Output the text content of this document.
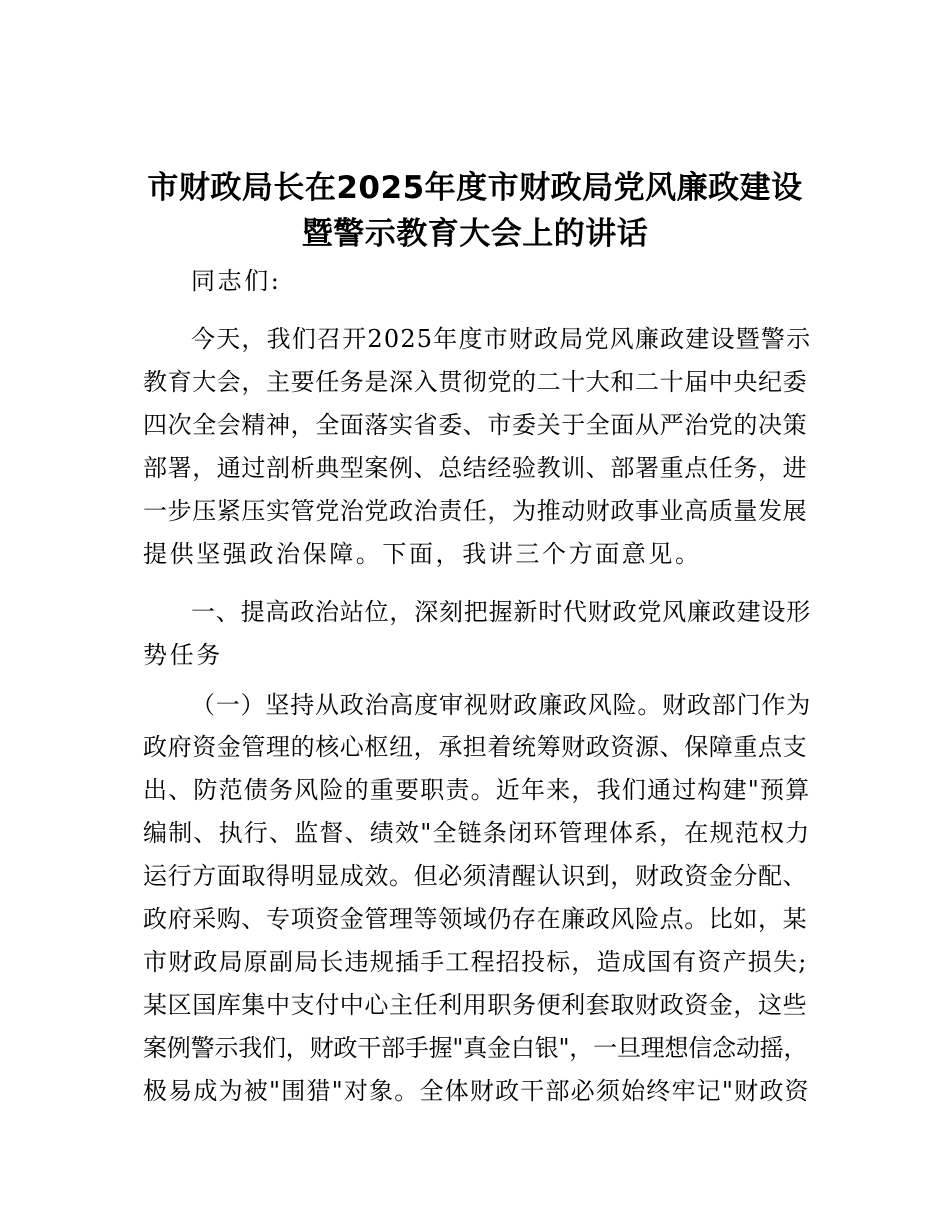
市财政局长在2025年度市财政局党风廉政建设
暨警示教育大会上的讲话
同志们:
今天，我们召开2025年度市财政局党风廉政建设暨警示
教育大会，主要任务是深入贯彻党的二十大和二十届中央纪委
四次全会精神，全面落实省委、市委关于全面从严治党的决策
部署，通过剖析典型案例、总结经验教训、部署重点任务，进
一步压紧压实管党治党政治责任，为推动财政事业高质量发展
提供坚强政治保障。下面，我讲三个方面意见。
一、提高政治站位，深刻把握新时代财政党风廉政建设形
势任务
（一）坚持从政治高度审视财政廉政风险。财政部门作为
政府资金管理的核心枢纽，承担着统筹财政资源、保障重点支
出、防范债务风险的重要职责。近年来，我们通过构建"预算
编制、执行、监督、绩效"全链条闭环管理体系，在规范权力
运行方面取得明显成效。但必须清醒认识到，财政资金分配、
政府采购、专项资金管理等领域仍存在廉政风险点。比如，某
市财政局原副局长违规插手工程招投标，造成国有资产损失;
某区国库集中支付中心主任利用职务便利套取财政资金，这些
案例警示我们，财政干部手握"真金白银"，一旦理想信念动摇，
极易成为被"围猎"对象。全体财政干部必须始终牢记"财政资
